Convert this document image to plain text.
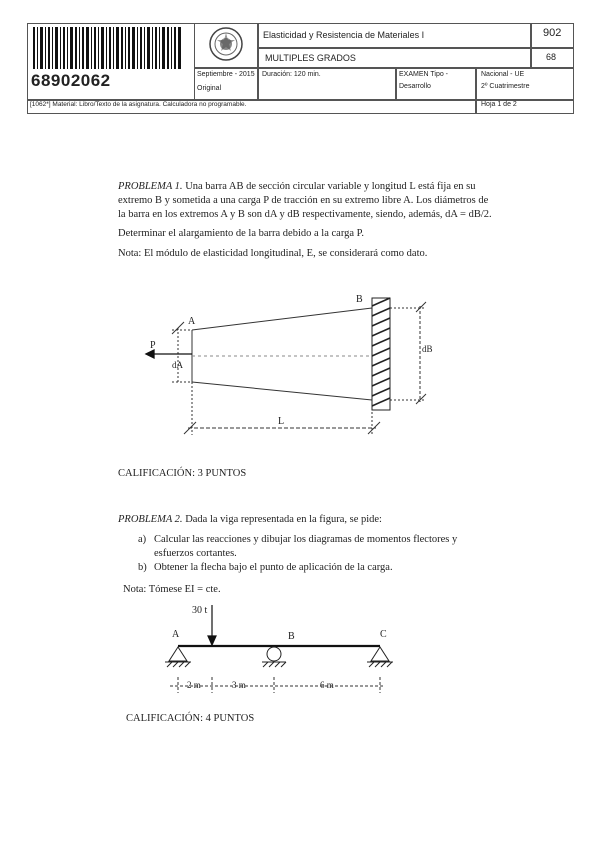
68902062
Elasticidad y Resistencia de Materiales I	902
MULTIPLES GRADOS	68
Septiembre - 2015
Original
Duración: 120 min.	EXAMEN Tipo -
Desarrollo
Nacional - UE
2º Cuatrimestre
[1062*] Material: Libro/Texto de la asignatura. Calculadora no programable.	Hoja 1 de 2
PROBLEMA 1. Una barra AB de sección circular variable y longitud L está fija en su
extremo B y sometida a una carga P de tracción en su extremo libre A. Los diámetros de
la barra en los extremos A y B son dA y dB respectivamente, siendo, además, dA = dB/2.
Determinar el alargamiento de la barra debido a la carga P.
Nota: El módulo de elasticidad longitudinal, E, se considerará como dato.
A
B
P
dA
dB
L
CALIFICACIÓN: 3 PUNTOS
PROBLEMA 2. Dada la viga representada en la figura, se pide:
a) Calcular las reacciones y dibujar los diagramas de momentos flectores y
esfuerzos cortantes.
b) Obtener la flecha bajo el punto de aplicación de la carga.
Nota: Tómese EI = cte.
30 t
A	B	C
2 m	3 m	6 m
CALIFICACIÓN: 4 PUNTOS
